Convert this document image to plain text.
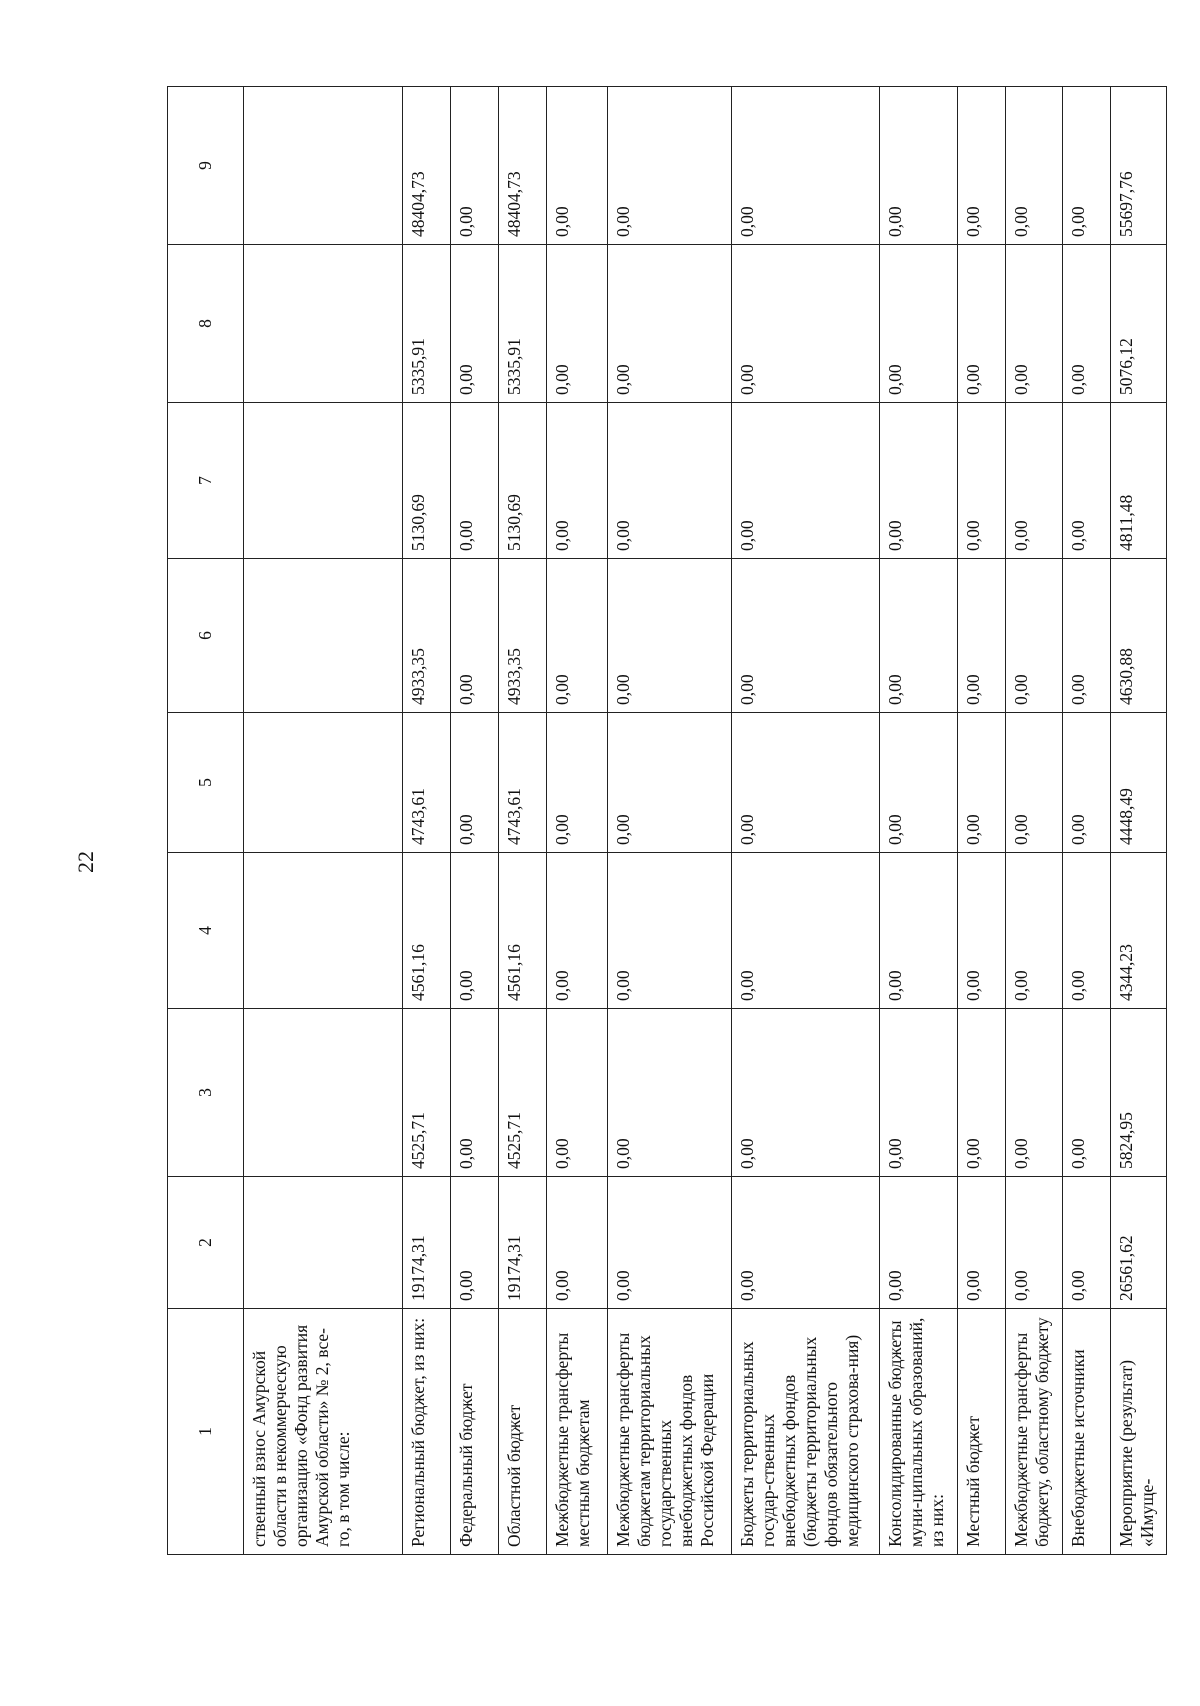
22
1	2	3	4	5	6	7	8	9
ственный взнос Амурской области в некоммерческую организацию «Фонд развития Амурской области» № 2, все-го, в том числе:								
Региональный бюджет, из них:	19174,31	4525,71	4561,16	4743,61	4933,35	5130,69	5335,91	48404,73
Федеральный бюджет	0,00	0,00	0,00	0,00	0,00	0,00	0,00	0,00
Областной бюджет	19174,31	4525,71	4561,16	4743,61	4933,35	5130,69	5335,91	48404,73
Межбюджетные трансферты местным бюджетам	0,00	0,00	0,00	0,00	0,00	0,00	0,00	0,00
Межбюджетные трансферты бюджетам территориальных государственных внебюджетных фондов Российской Федерации	0,00	0,00	0,00	0,00	0,00	0,00	0,00	0,00
Бюджеты территориальных государ-ственных внебюджетных фондов (бюджеты территориальных фондов обязательного медицинского страхова-ния)	0,00	0,00	0,00	0,00	0,00	0,00	0,00	0,00
Консолидированные бюджеты муни-ципальных образований, из них:	0,00	0,00	0,00	0,00	0,00	0,00	0,00	0,00
Местный бюджет	0,00	0,00	0,00	0,00	0,00	0,00	0,00	0,00
Межбюджетные трансферты бюджету, областному бюджету	0,00	0,00	0,00	0,00	0,00	0,00	0,00	0,00
Внебюджетные источники	0,00	0,00	0,00	0,00	0,00	0,00	0,00	0,00
Мероприятие (результат) «Имуще-	26561,62	5824,95	4344,23	4448,49	4630,88	4811,48	5076,12	55697,76
